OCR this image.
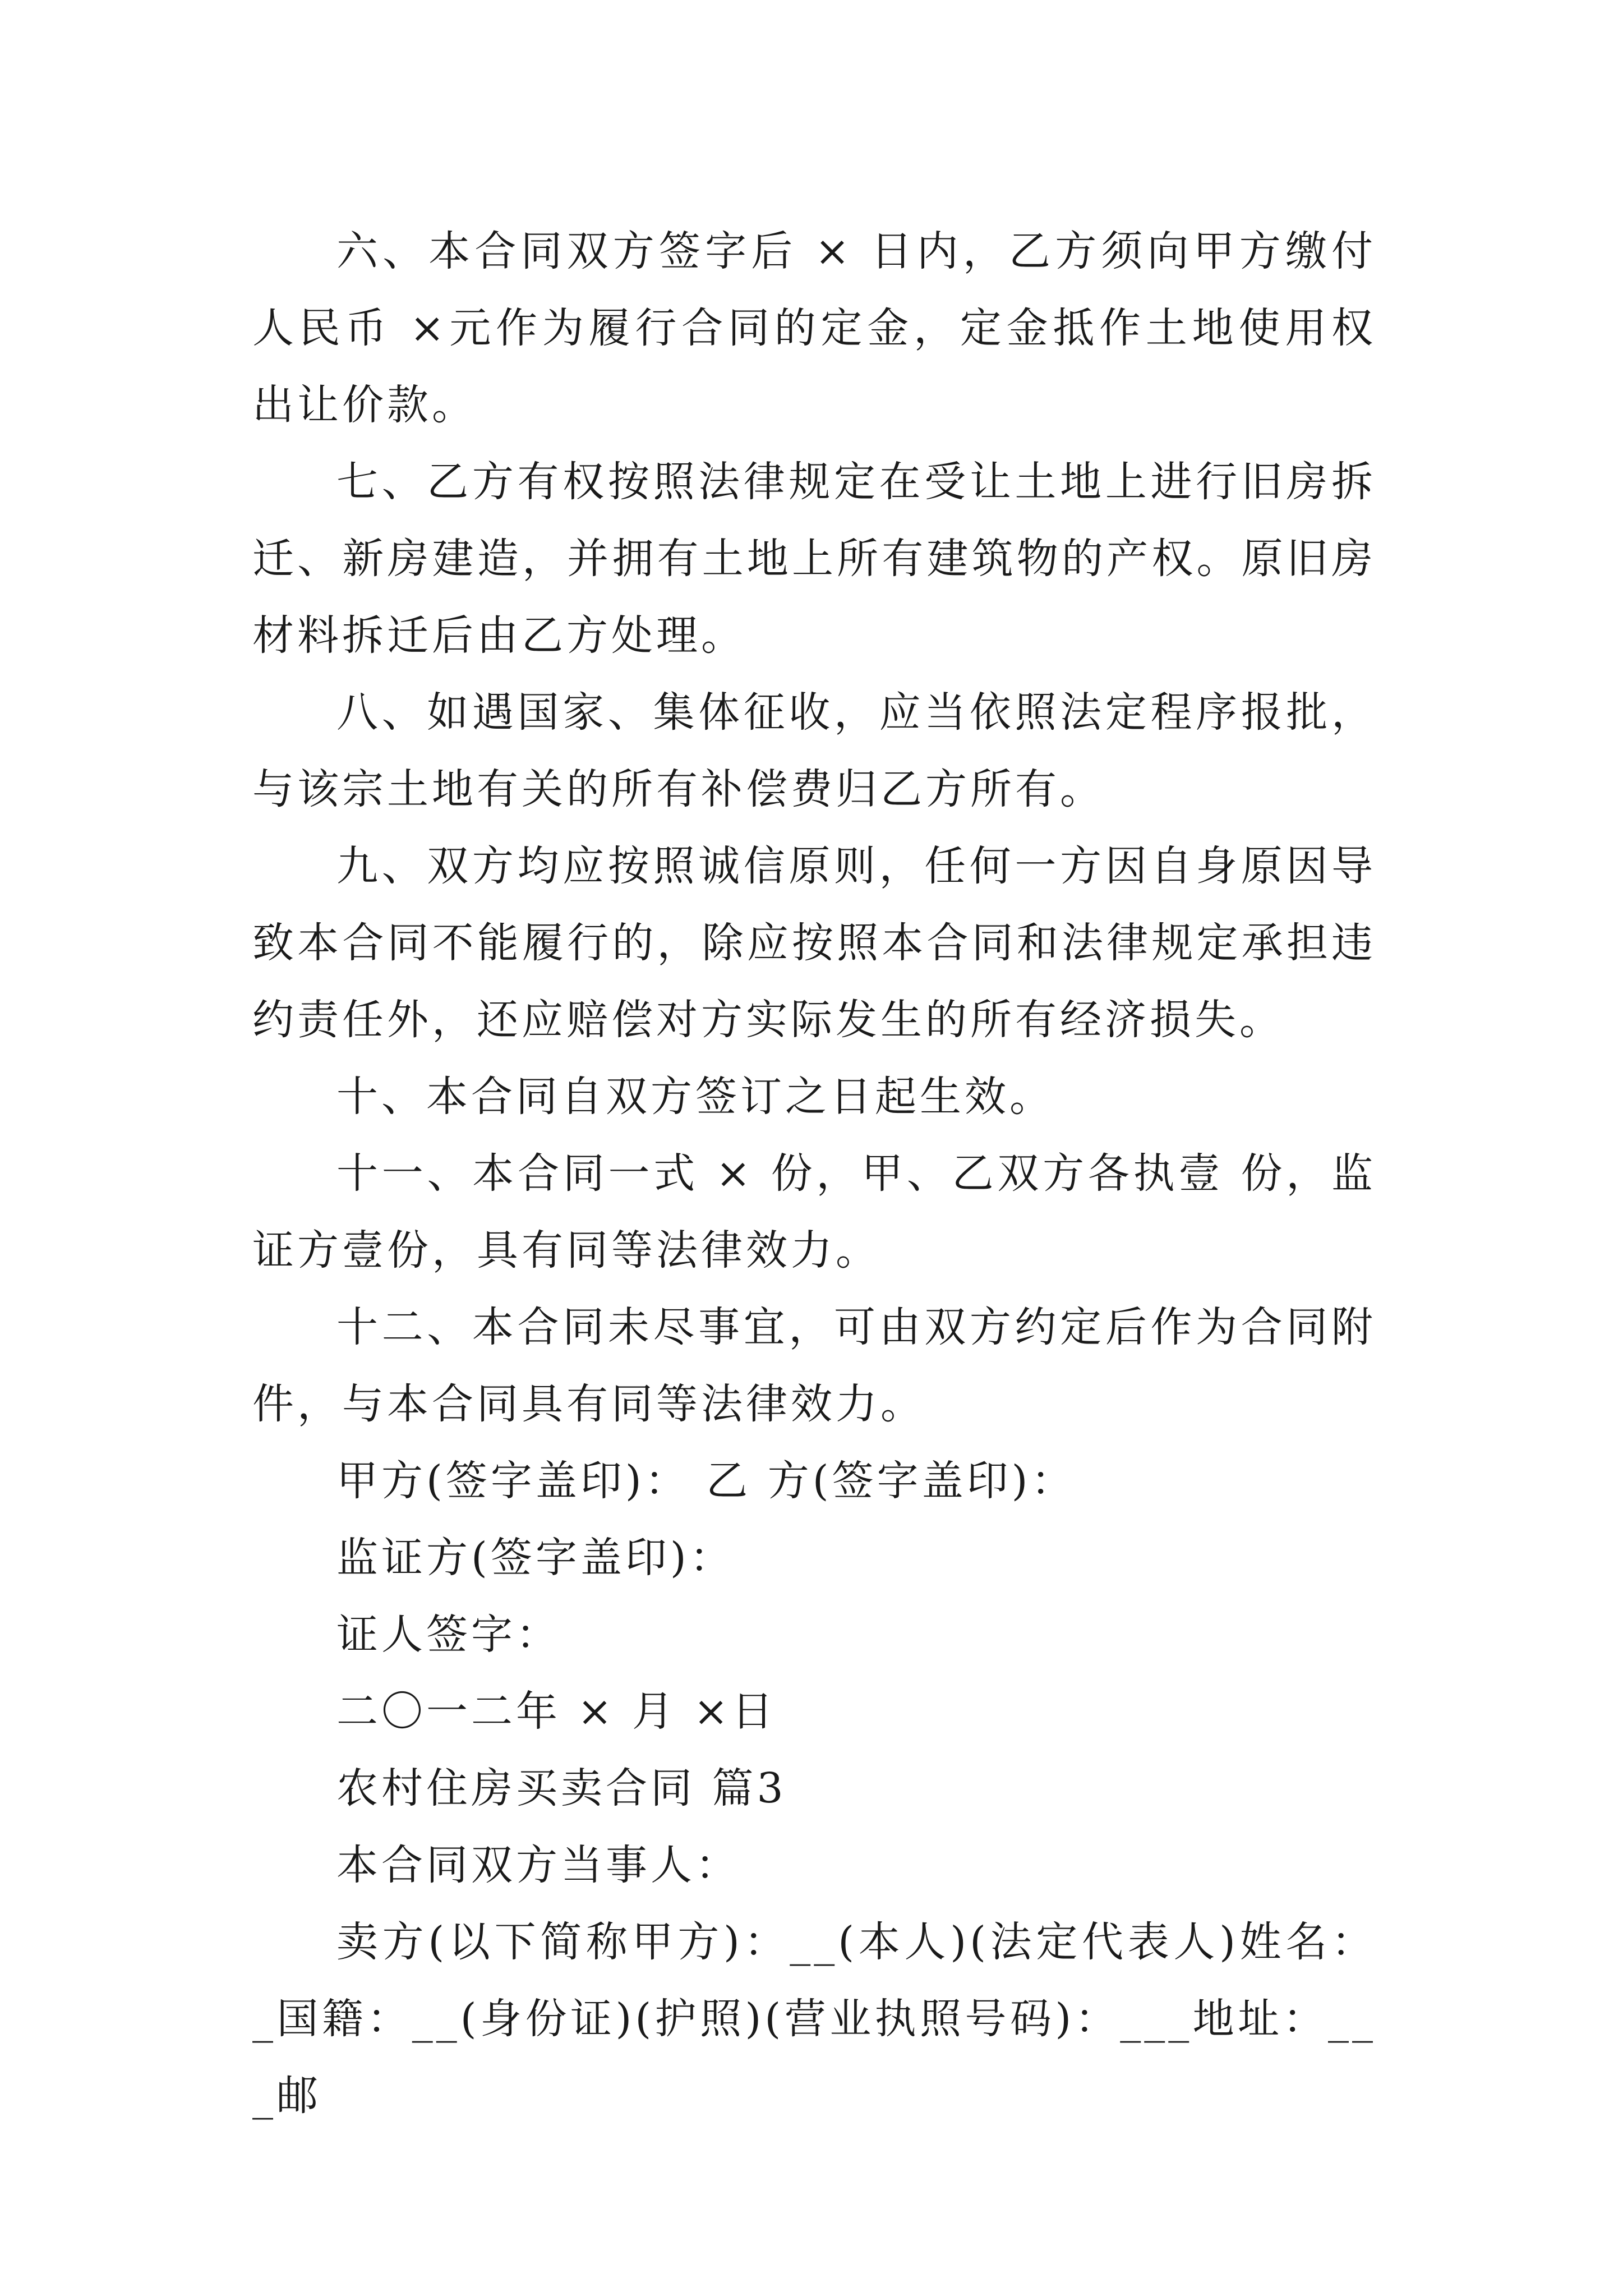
六、本合同双方签字后 × 日内，乙方须向甲方缴付人民币 ×元作为履行合同的定金，定金抵作土地使用权出让价款。

七、乙方有权按照法律规定在受让土地上进行旧房拆迁、新房建造，并拥有土地上所有建筑物的产权。原旧房材料拆迁后由乙方处理。

八、如遇国家、集体征收，应当依照法定程序报批，与该宗土地有关的所有补偿费归乙方所有。

九、双方均应按照诚信原则，任何一方因自身原因导致本合同不能履行的，除应按照本合同和法律规定承担违约责任外，还应赔偿对方实际发生的所有经济损失。

十、本合同自双方签订之日起生效。

十一、本合同一式 × 份，甲、乙双方各执壹 份，监证方壹份，具有同等法律效力。

十二、本合同未尽事宜，可由双方约定后作为合同附件，与本合同具有同等法律效力。

甲方(签字盖印)： 乙 方(签字盖印)：

监证方(签字盖印)：

证人签字：

二〇一二年 × 月 ×日

农村住房买卖合同 篇3

本合同双方当事人：

卖方(以下简称甲方)：__(本人)(法定代表人)姓名：_国籍：__(身份证)(护照)(营业执照号码)：___地址：___邮
